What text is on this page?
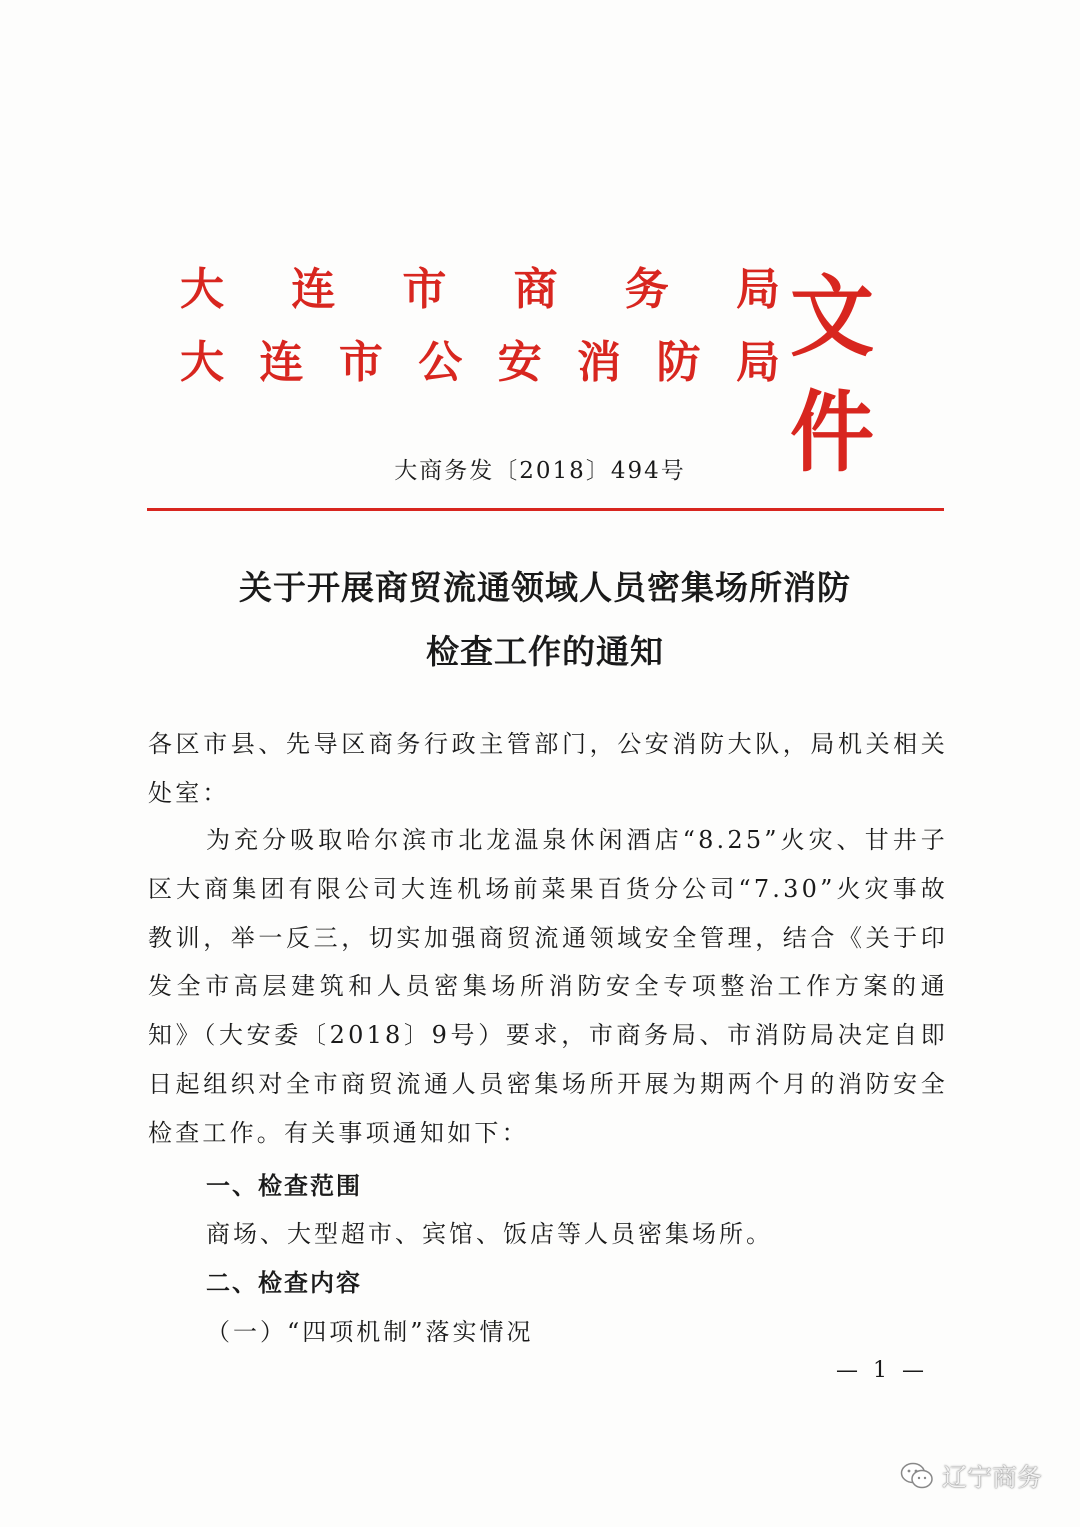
大 连 市 商 务 局
大 连 市 公 安 消 防 局 文件
大商务发〔2018〕494号
关于开展商贸流通领域人员密集场所消防
检查工作的通知
各区市县、先导区商务行政主管部门，公安消防大队，局机关相关处室：
为充分吸取哈尔滨市北龙温泉休闲酒店“8.25”火灾、甘井子区大商集团有限公司大连机场前菜果百货分公司“7.30”火灾事故教训，举一反三，切实加强商贸流通领域安全管理，结合《关于印发全市高层建筑和人员密集场所消防安全专项整治工作方案的通知》（大安委〔2018〕9号）要求，市商务局、市消防局决定自即日起组织对全市商贸流通人员密集场所开展为期两个月的消防安全检查工作。有关事项通知如下：
一、检查范围
商场、大型超市、宾馆、饭店等人员密集场所。
二、检查内容
（一）“四项机制”落实情况
— 1 —
辽宁商务
